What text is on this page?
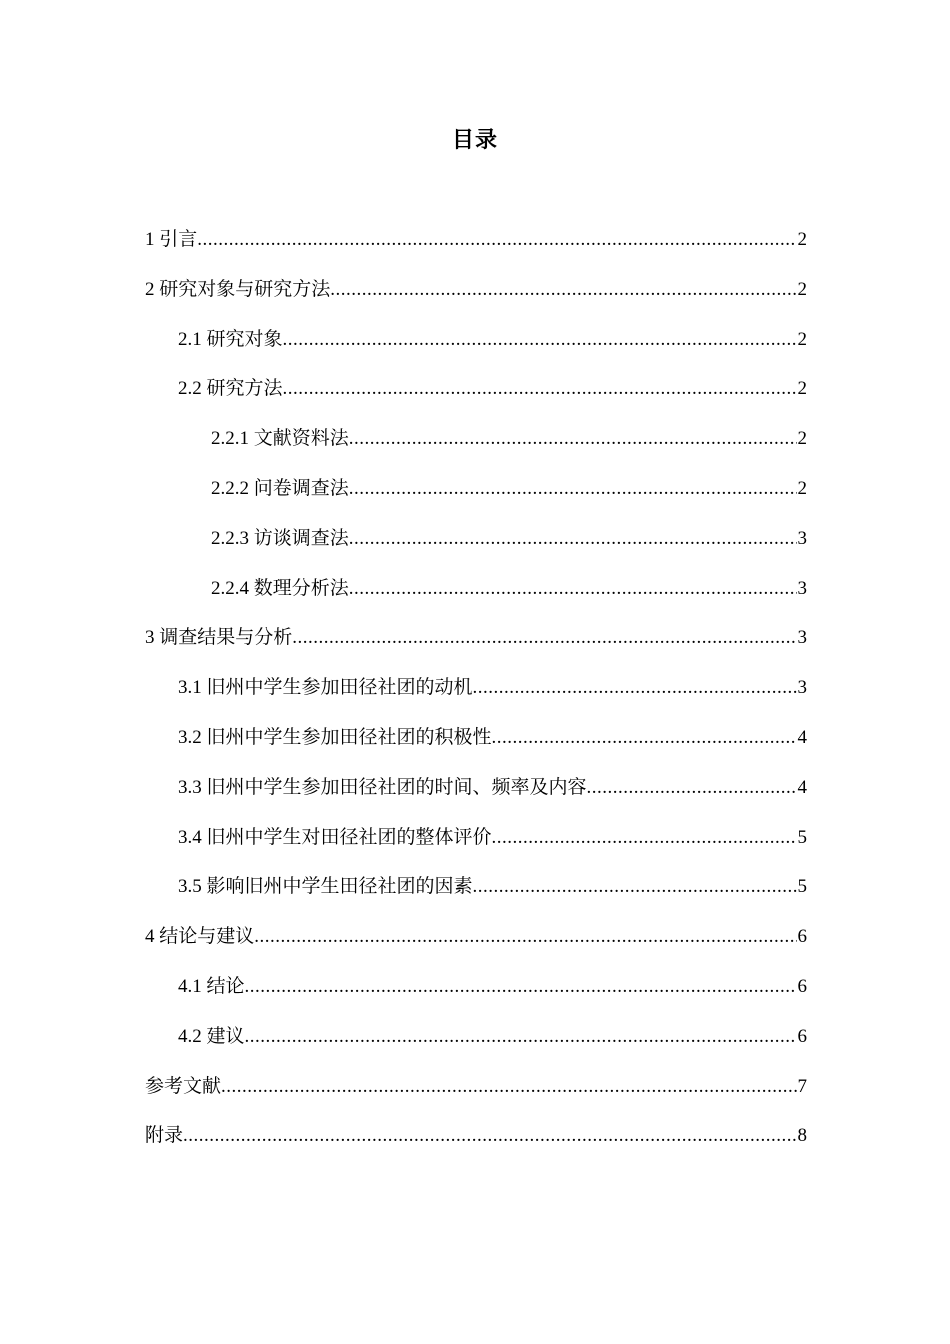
目录
1 引言 .....	2
2 研究对象与研究方法 .....	2
2.1 研究对象 .....	2
2.2 研究方法 .....	2
2.2.1 文献资料法 .....	2
2.2.2 问卷调查法 .....	2
2.2.3 访谈调查法 .....	3
2.2.4 数理分析法 .....	3
3 调查结果与分析 .....	3
3.1 旧州中学生参加田径社团的动机 .....	3
3.2 旧州中学生参加田径社团的积极性 .....	4
3.3 旧州中学生参加田径社团的时间、频率及内容 .....	4
3.4 旧州中学生对田径社团的整体评价 .....	5
3.5 影响旧州中学生田径社团的因素 .....	5
4 结论与建议 .....	6
4.1 结论 .....	6
4.2 建议 .....	6
参考文献 .....	7
附录 .....	8
